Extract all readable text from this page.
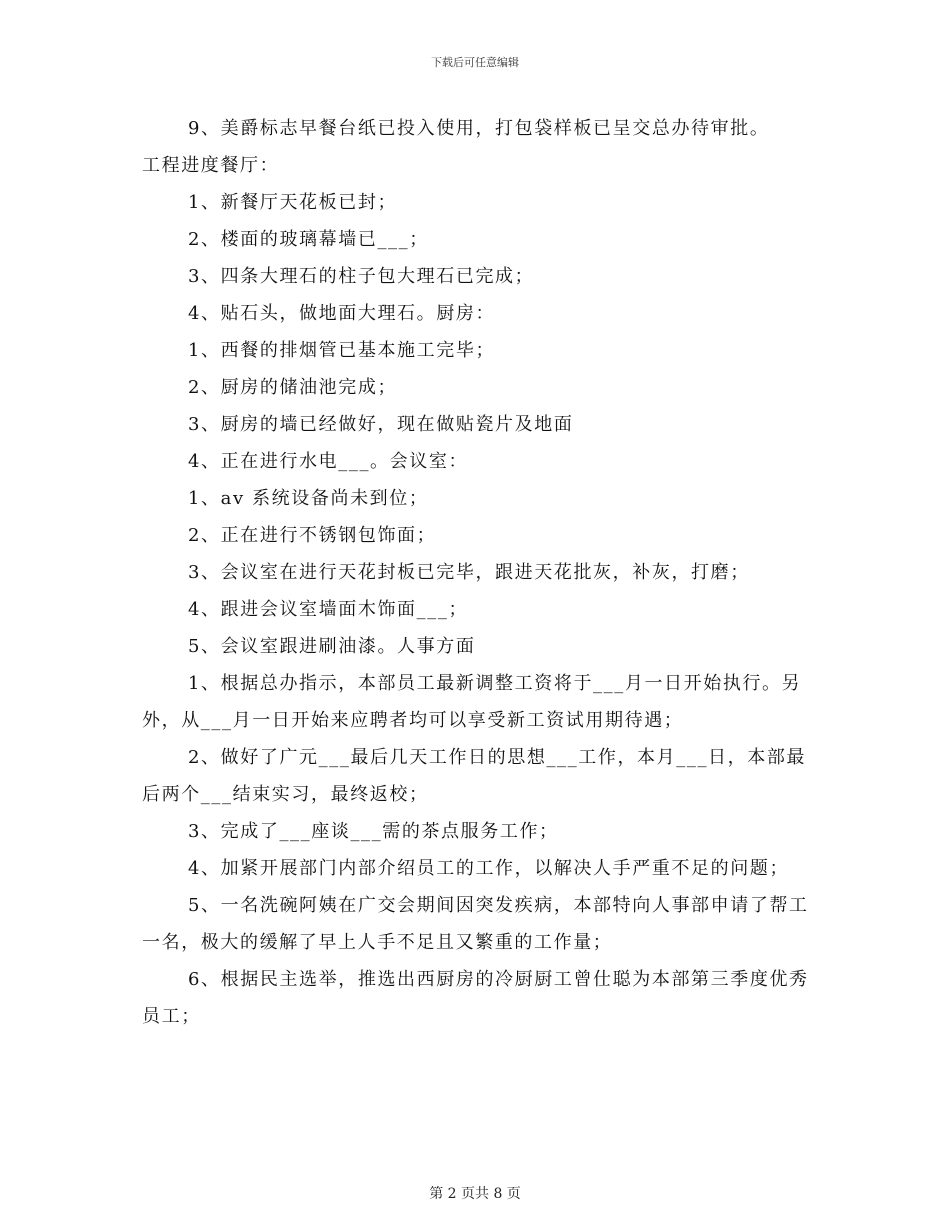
下载后可任意编辑

9、美爵标志早餐台纸已投入使用，打包袋样板已呈交总办待审批。

工程进度餐厅：

1、新餐厅天花板已封；

2、楼面的玻璃幕墙已___；

3、四条大理石的柱子包大理石已完成；

4、贴石头，做地面大理石。厨房：

1、西餐的排烟管已基本施工完毕；

2、厨房的储油池完成；

3、厨房的墙已经做好，现在做贴瓷片及地面

4、正在进行水电___。会议室：

1、av 系统设备尚未到位；

2、正在进行不锈钢包饰面；

3、会议室在进行天花封板已完毕，跟进天花批灰，补灰，打磨；

4、跟进会议室墙面木饰面___；

5、会议室跟进刷油漆。人事方面

1、根据总办指示，本部员工最新调整工资将于___月一日开始执行。另外，从___月一日开始来应聘者均可以享受新工资试用期待遇；

2、做好了广元___最后几天工作日的思想___工作，本月___日，本部最后两个___结束实习，最终返校；

3、完成了___座谈___需的茶点服务工作；

4、加紧开展部门内部介绍员工的工作，以解决人手严重不足的问题；

5、一名洗碗阿姨在广交会期间因突发疾病，本部特向人事部申请了帮工一名，极大的缓解了早上人手不足且又繁重的工作量；

6、根据民主选举，推选出西厨房的冷厨厨工曾仕聪为本部第三季度优秀员工；

第 2 页共 8 页
